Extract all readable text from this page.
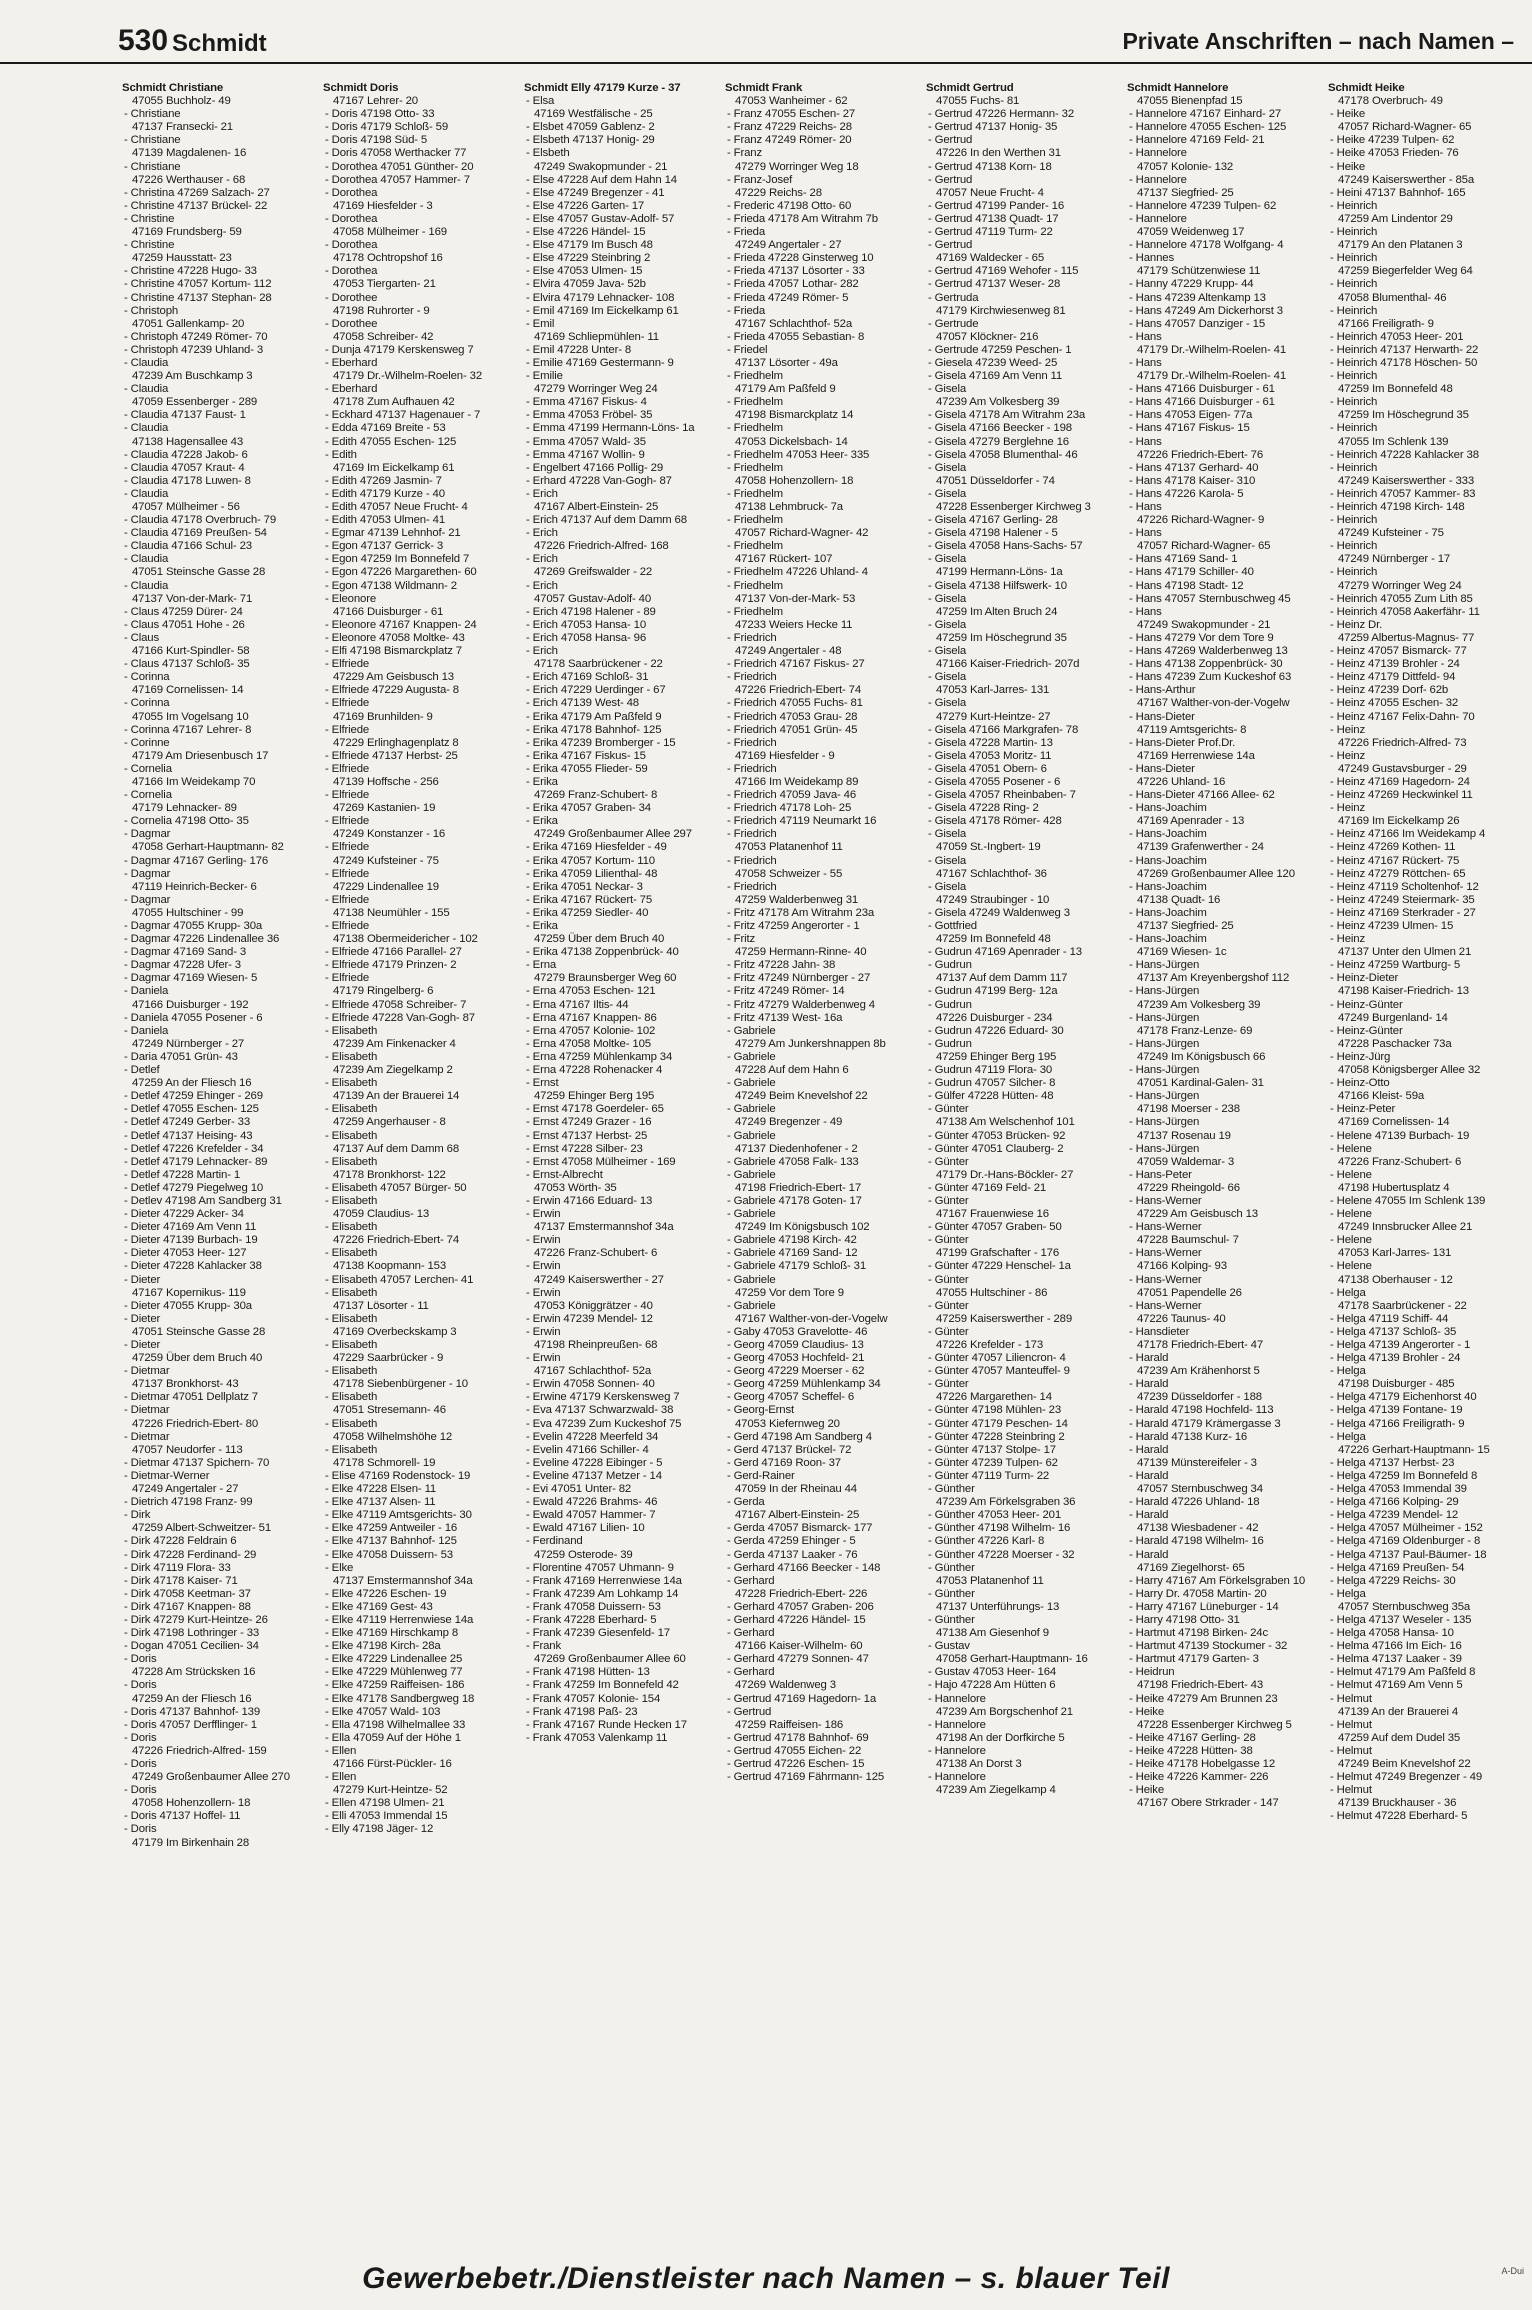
530 Schmidt	Private Anschriften – nach Namen –
Schmidt Christiane
47055 Buchholz- 49
- Christiane
47137 Fransecki- 21
- Christiane
47139 Magdalenen- 16
- Christiane
47226 Werthauser - 68
- Christina 47269 Salzach- 27
- Christine 47137 Brückel- 22
- Christine
47169 Frundsberg- 59
- Christine
47259 Hausstatt- 23
- Christine 47228 Hugo- 33
- Christine 47057 Kortum- 112
- Christine 47137 Stephan- 28
- Christoph
47051 Gallenkamp- 20
- Christoph 47249 Römer- 70
- Christoph 47239 Uhland- 3
- Claudia
47239 Am Buschkamp 3
- Claudia
47059 Essenberger - 289
- Claudia 47137 Faust- 1
- Claudia
47138 Hagensallee 43
- Claudia 47228 Jakob- 6
- Claudia 47057 Kraut- 4
- Claudia 47178 Luwen- 8
- Claudia
47057 Mülheimer - 56
- Claudia 47178 Overbruch- 79
- Claudia 47169 Preußen- 54
- Claudia 47166 Schul- 23
- Claudia
47051 Steinsche Gasse 28
- Claudia
47137 Von-der-Mark- 71
- Claus 47259 Dürer- 24
- Claus 47051 Hohe - 26
- Claus
47166 Kurt-Spindler- 58
- Claus 47137 Schloß- 35
- Corinna
47169 Cornelissen- 14
- Corinna
47055 Im Vogelsang 10
- Corinna 47167 Lehrer- 8
- Corinne
47179 Am Driesenbusch 17
- Cornelia
47166 Im Weidekamp 70
- Cornelia
47179 Lehnacker- 89
- Cornelia 47198 Otto- 35
- Dagmar
47058 Gerhart-Hauptmann- 82
- Dagmar 47167 Gerling- 176
- Dagmar
47119 Heinrich-Becker- 6
- Dagmar
47055 Hultschiner - 99
- Dagmar 47055 Krupp- 30a
- Dagmar 47226 Lindenallee 36
- Dagmar 47169 Sand- 3
- Dagmar 47228 Ufer- 3
- Dagmar 47169 Wiesen- 5
- Daniela
47166 Duisburger - 192
- Daniela 47055 Posener - 6
- Daniela
47249 Nürnberger - 27
- Daria 47051 Grün- 43
- Detlef
47259 An der Fliesch 16
- Detlef 47259 Ehinger - 269
- Detlef 47055 Eschen- 125
- Detlef 47249 Gerber- 33
- Detlef 47137 Heising- 43
- Detlef 47226 Krefelder - 34
- Detlef 47179 Lehnacker- 89
- Detlef 47228 Martin- 1
- Detlef 47279 Piegelweg 10
- Detlev 47198 Am Sandberg 31
- Dieter 47229 Acker- 34
- Dieter 47169 Am Venn 11
- Dieter 47139 Burbach- 19
- Dieter 47053 Heer- 127
- Dieter 47228 Kahlacker 38
- Dieter
47167 Kopernikus- 119
- Dieter 47055 Krupp- 30a
- Dieter
47051 Steinsche Gasse 28
- Dieter
47259 Über dem Bruch 40
- Dietmar
47137 Bronkhorst- 43
- Dietmar 47051 Dellplatz 7
- Dietmar
47226 Friedrich-Ebert- 80
- Dietmar
47057 Neudorfer - 113
- Dietmar 47137 Spichern- 70
- Dietmar-Werner
47249 Angertaler - 27
- Dietrich 47198 Franz- 99
- Dirk
47259 Albert-Schweitzer- 51
- Dirk 47228 Feldrain 6
- Dirk 47228 Ferdinand- 29
- Dirk 47119 Flora- 33
- Dirk 47178 Kaiser- 71
- Dirk 47058 Keetman- 37
- Dirk 47167 Knappen- 88
- Dirk 47279 Kurt-Heintze- 26
- Dirk 47198 Lothringer - 33
- Dogan 47051 Cecilien- 34
- Doris
47228 Am Strücksken 16
- Doris
47259 An der Fliesch 16
- Doris 47137 Bahnhof- 139
- Doris 47057 Derfflinger- 1
- Doris
47226 Friedrich-Alfred- 159
- Doris
47249 Großenbaumer Allee 270
- Doris
47058 Hohenzollern- 18
- Doris 47137 Hoffel- 11
- Doris
47179 Im Birkenhain 28
Schmidt Doris
47167 Lehrer- 20
- Doris 47198 Otto- 33
- Doris 47179 Schloß- 59
- Doris 47198 Süd- 5
- Doris 47058 Werthacker 77
- Dorothea 47051 Günther- 20
- Dorothea 47057 Hammer- 7
- Dorothea
47169 Hiesfelder - 3
- Dorothea
47058 Mülheimer - 169
- Dorothea
47178 Ochtropshof 16
- Dorothea
47053 Tiergarten- 21
- Dorothee
47198 Ruhrorter - 9
- Dorothee
47058 Schreiber- 42
- Dunja 47179 Kerskensweg 7
- Eberhard
47179 Dr.-Wilhelm-Roelen- 32
- Eberhard
47178 Zum Aufhauen 42
- Eckhard 47137 Hagenauer - 7
- Edda 47169 Breite - 53
- Edith 47055 Eschen- 125
- Edith
47169 Im Eickelkamp 61
- Edith 47269 Jasmin- 7
- Edith 47179 Kurze - 40
- Edith 47057 Neue Frucht- 4
- Edith 47053 Ulmen- 41
- Egmar 47139 Lehnhof- 21
- Egon 47137 Gerrick- 3
- Egon 47259 Im Bonnefeld 7
- Egon 47226 Margarethen- 60
- Egon 47138 Wildmann- 2
- Eleonore
47166 Duisburger - 61
- Eleonore 47167 Knappen- 24
- Eleonore 47058 Moltke- 43
- Elfi 47198 Bismarckplatz 7
- Elfriede
47229 Am Geisbusch 13
- Elfriede 47229 Augusta- 8
- Elfriede
47169 Brunhilden- 9
- Elfriede
47229 Erlinghagenplatz 8
- Elfriede 47137 Herbst- 25
- Elfriede
47139 Hoffsche - 256
- Elfriede
47269 Kastanien- 19
- Elfriede
47249 Konstanzer - 16
- Elfriede
47249 Kufsteiner - 75
- Elfriede
47229 Lindenallee 19
- Elfriede
47138 Neumühler - 155
- Elfriede
47138 Obermeidericher - 102
- Elfriede 47166 Parallel- 27
- Elfriede 47179 Prinzen- 2
- Elfriede
47179 Ringelberg- 6
- Elfriede 47058 Schreiber- 7
- Elfriede 47228 Van-Gogh- 87
- Elisabeth
47239 Am Finkenacker 4
- Elisabeth
47239 Am Ziegelkamp 2
- Elisabeth
47139 An der Brauerei 14
- Elisabeth
47259 Angerhauser - 8
- Elisabeth
47137 Auf dem Damm 68
- Elisabeth
47178 Bronkhorst- 122
- Elisabeth 47057 Bürger- 50
- Elisabeth
47059 Claudius- 13
- Elisabeth
47226 Friedrich-Ebert- 74
- Elisabeth
47138 Koopmann- 153
- Elisabeth 47057 Lerchen- 41
- Elisabeth
47137 Lösorter - 11
- Elisabeth
47169 Overbeckskamp 3
- Elisabeth
47229 Saarbrücker - 9
- Elisabeth
47178 Siebenbürgener - 10
- Elisabeth
47051 Stresemann- 46
- Elisabeth
47058 Wilhelmshöhe 12
- Elisabeth
47178 Schmorell- 19
- Elise 47169 Rodenstock- 19
- Elke 47228 Elsen- 11
- Elke 47137 Alsen- 11
- Elke 47119 Amtsgerichts- 30
- Elke 47259 Antweiler - 16
- Elke 47137 Bahnhof- 125
- Elke 47058 Duissern- 53
- Elke
47137 Emstermannshof 34a
- Elke 47226 Eschen- 19
- Elke 47169 Gest- 43
- Elke 47119 Herrenwiese 14a
- Elke 47169 Hirschkamp 8
- Elke 47198 Kirch- 28a
- Elke 47229 Lindenallee 25
- Elke 47229 Mühlenweg 77
- Elke 47259 Raiffeisen- 186
- Elke 47178 Sandbergweg 18
- Elke 47057 Wald- 103
- Ella 47198 Wilhelmallee 33
- Ella 47059 Auf der Höhe 1
- Ellen
47166 Fürst-Pückler- 16
- Ellen
47279 Kurt-Heintze- 52
- Ellen 47198 Ulmen- 21
- Elli 47053 Immendal 15
- Elly 47198 Jäger- 12
Schmidt Elly 47179 Kurze - 37
- Elsa
47169 Westfälische - 25
- Elsbet 47059 Gablenz- 2
- Elsbeth 47137 Honig- 29
- Elsbeth
47249 Swakopmunder - 21
- Else 47228 Auf dem Hahn 14
- Else 47249 Bregenzer - 41
- Else 47226 Garten- 17
- Else 47057 Gustav-Adolf- 57
- Else 47226 Händel- 15
- Else 47179 Im Busch 48
- Else 47229 Steinbring 2
- Else 47053 Ulmen- 15
- Elvira 47059 Java- 52b
- Elvira 47179 Lehnacker- 108
- Emil 47169 Im Eickelkamp 61
- Emil
47169 Schliepmühlen- 11
- Emil 47228 Unter- 8
- Emilie 47169 Gestermann- 9
- Emilie
47279 Worringer Weg 24
- Emma 47167 Fiskus- 4
- Emma 47053 Fröbel- 35
- Emma 47199 Hermann-Löns- 1a
- Emma 47057 Wald- 35
- Emma 47167 Wollin- 9
- Engelbert 47166 Pollig- 29
- Erhard 47228 Van-Gogh- 87
- Erich
47167 Albert-Einstein- 25
- Erich 47137 Auf dem Damm 68
- Erich
47226 Friedrich-Alfred- 168
- Erich
47269 Greifswalder - 22
- Erich
47057 Gustav-Adolf- 40
- Erich 47198 Halener - 89
- Erich 47053 Hansa- 10
- Erich 47058 Hansa- 96
- Erich
47178 Saarbrückener - 22
- Erich 47169 Schloß- 31
- Erich 47229 Uerdinger - 67
- Erich 47139 West- 48
- Erika 47179 Am Paßfeld 9
- Erika 47178 Bahnhof- 125
- Erika 47239 Bromberger - 15
- Erika 47167 Fiskus- 15
- Erika 47055 Flieder- 59
- Erika
47269 Franz-Schubert- 8
- Erika 47057 Graben- 34
- Erika
47249 Großenbaumer Allee 297
- Erika 47169 Hiesfelder - 49
- Erika 47057 Kortum- 110
- Erika 47059 Lilienthal- 48
- Erika 47051 Neckar- 3
- Erika 47167 Rückert- 75
- Erika 47259 Siedler- 40
- Erika
47259 Über dem Bruch 40
- Erika 47138 Zoppenbrück- 40
- Erna
47279 Braunsberger Weg 60
- Erna 47053 Eschen- 121
- Erna 47167 Iltis- 44
- Erna 47167 Knappen- 86
- Erna 47057 Kolonie- 102
- Erna 47058 Moltke- 105
- Erna 47259 Mühlenkamp 34
- Erna 47228 Rohenacker 4
- Ernst
47259 Ehinger Berg 195
- Ernst 47178 Goerdeler- 65
- Ernst 47249 Grazer - 16
- Ernst 47137 Herbst- 25
- Ernst 47228 Silber- 23
- Ernst 47058 Mülheimer - 169
- Ernst-Albrecht
47053 Wörth- 35
- Erwin 47166 Eduard- 13
- Erwin
47137 Emstermannshof 34a
- Erwin
47226 Franz-Schubert- 6
- Erwin
47249 Kaiserswerther - 27
- Erwin
47053 Königgrätzer - 40
- Erwin 47239 Mendel- 12
- Erwin
47198 Rheinpreußen- 68
- Erwin
47167 Schlachthof- 52a
- Erwin 47058 Sonnen- 40
- Erwine 47179 Kerskensweg 7
- Eva 47137 Schwarzwald- 38
- Eva 47239 Zum Kuckeshof 75
- Evelin 47228 Meerfeld 34
- Evelin 47166 Schiller- 4
- Eveline 47228 Eibinger - 5
- Eveline 47137 Metzer - 14
- Evi 47051 Unter- 82
- Ewald 47226 Brahms- 46
- Ewald 47057 Hammer- 7
- Ewald 47167 Lilien- 10
- Ferdinand
47259 Osterode- 39
- Florentine 47057 Uhmann- 9
- Frank 47169 Herrenwiese 14a
- Frank 47239 Am Lohkamp 14
- Frank 47058 Duissern- 53
- Frank 47228 Eberhard- 5
- Frank 47239 Giesenfeld- 17
- Frank
47269 Großenbaumer Allee 60
- Frank 47198 Hütten- 13
- Frank 47259 Im Bonnefeld 42
- Frank 47057 Kolonie- 154
- Frank 47198 Paß- 23
- Frank 47167 Runde Hecken 17
- Frank 47053 Valenkamp 11
Schmidt Frank
47053 Wanheimer - 62
- Franz 47055 Eschen- 27
- Franz 47229 Reichs- 28
- Franz 47249 Römer- 20
- Franz
47279 Worringer Weg 18
- Franz-Josef
47229 Reichs- 28
- Frederic 47198 Otto- 60
- Frieda 47178 Am Witrahm 7b
- Frieda
47249 Angertaler - 27
- Frieda 47228 Ginsterweg 10
- Frieda 47137 Lösorter - 33
- Frieda 47057 Lothar- 282
- Frieda 47249 Römer- 5
- Frieda
47167 Schlachthof- 52a
- Frieda 47055 Sebastian- 8
- Friedel
47137 Lösorter - 49a
- Friedhelm
47179 Am Paßfeld 9
- Friedhelm
47198 Bismarckplatz 14
- Friedhelm
47053 Dickelsbach- 14
- Friedhelm 47053 Heer- 335
- Friedhelm
47058 Hohenzollern- 18
- Friedhelm
47138 Lehmbruck- 7a
- Friedhelm
47057 Richard-Wagner- 42
- Friedhelm
47167 Rückert- 107
- Friedhelm 47226 Uhland- 4
- Friedhelm
47137 Von-der-Mark- 53
- Friedhelm
47233 Weiers Hecke 11
- Friedrich
47249 Angertaler - 48
- Friedrich 47167 Fiskus- 27
- Friedrich
47226 Friedrich-Ebert- 74
- Friedrich 47055 Fuchs- 81
- Friedrich 47053 Grau- 28
- Friedrich 47051 Grün- 45
- Friedrich
47169 Hiesfelder - 9
- Friedrich
47166 Im Weidekamp 89
- Friedrich 47059 Java- 46
- Friedrich 47178 Loh- 25
- Friedrich 47119 Neumarkt 16
- Friedrich
47053 Platanenhof 11
- Friedrich
47058 Schweizer - 55
- Friedrich
47259 Walderbenweg 31
- Fritz 47178 Am Witrahm 23a
- Fritz 47259 Angerorter - 1
- Fritz
47259 Hermann-Rinne- 40
- Fritz 47228 Jahn- 38
- Fritz 47249 Nürnberger - 27
- Fritz 47249 Römer- 14
- Fritz 47279 Walderbenweg 4
- Fritz 47139 West- 16a
- Gabriele
47279 Am Junkershnappen 8b
- Gabriele
47228 Auf dem Hahn 6
- Gabriele
47249 Beim Knevelshof 22
- Gabriele
47249 Bregenzer - 49
- Gabriele
47137 Diedenhofener - 2
- Gabriele 47058 Falk- 133
- Gabriele
47198 Friedrich-Ebert- 17
- Gabriele 47178 Goten- 17
- Gabriele
47249 Im Königsbusch 102
- Gabriele 47198 Kirch- 42
- Gabriele 47169 Sand- 12
- Gabriele 47179 Schloß- 31
- Gabriele
47259 Vor dem Tore 9
- Gabriele
47167 Walther-von-der-Vogelw
- Gaby 47053 Gravelotte- 46
- Georg 47059 Claudius- 13
- Georg 47053 Hochfeld- 21
- Georg 47229 Moerser - 62
- Georg 47259 Mühlenkamp 34
- Georg 47057 Scheffel- 6
- Georg-Ernst
47053 Kiefernweg 20
- Gerd 47198 Am Sandberg 4
- Gerd 47137 Brückel- 72
- Gerd 47169 Roon- 37
- Gerd-Rainer
47059 In der Rheinau 44
- Gerda
47167 Albert-Einstein- 25
- Gerda 47057 Bismarck- 177
- Gerda 47259 Ehinger - 5
- Gerda 47137 Laaker - 76
- Gerhard 47166 Beecker - 148
- Gerhard
47228 Friedrich-Ebert- 226
- Gerhard 47057 Graben- 206
- Gerhard 47226 Händel- 15
- Gerhard
47166 Kaiser-Wilhelm- 60
- Gerhard 47279 Sonnen- 47
- Gerhard
47269 Waldenweg 3
- Gertrud 47169 Hagedorn- 1a
- Gertrud
47259 Raiffeisen- 186
- Gertrud 47178 Bahnhof- 69
- Gertrud 47055 Eichen- 22
- Gertrud 47226 Eschen- 15
- Gertrud 47169 Fährmann- 125
Schmidt Gertrud
47055 Fuchs- 81
- Gertrud 47226 Hermann- 32
- Gertrud 47137 Honig- 35
- Gertrud
47226 In den Werthen 31
- Gertrud 47138 Korn- 18
- Gertrud
47057 Neue Frucht- 4
- Gertrud 47199 Pander- 16
- Gertrud 47138 Quadt- 17
- Gertrud 47119 Turm- 22
- Gertrud
47169 Waldecker - 65
- Gertrud 47169 Wehofer - 115
- Gertrud 47137 Weser- 28
- Gertruda
47179 Kirchwiesenweg 81
- Gertrude
47057 Klöckner- 216
- Gertrude 47259 Peschen- 1
- Giesela 47239 Weed- 25
- Gisela 47169 Am Venn 11
- Gisela
47239 Am Volkesberg 39
- Gisela 47178 Am Witrahm 23a
- Gisela 47166 Beecker - 198
- Gisela 47279 Berglehne 16
- Gisela 47058 Blumenthal- 46
- Gisela
47051 Düsseldorfer - 74
- Gisela
47228 Essenberger Kirchweg 3
- Gisela 47167 Gerling- 28
- Gisela 47198 Halener - 5
- Gisela 47058 Hans-Sachs- 57
- Gisela
47199 Hermann-Löns- 1a
- Gisela 47138 Hilfswerk- 10
- Gisela
47259 Im Alten Bruch 24
- Gisela
47259 Im Höschegrund 35
- Gisela
47166 Kaiser-Friedrich- 207d
- Gisela
47053 Karl-Jarres- 131
- Gisela
47279 Kurt-Heintze- 27
- Gisela 47166 Markgrafen- 78
- Gisela 47228 Martin- 13
- Gisela 47053 Moritz- 11
- Gisela 47051 Obern- 6
- Gisela 47055 Posener - 6
- Gisela 47057 Rheinbaben- 7
- Gisela 47228 Ring- 2
- Gisela 47178 Römer- 428
- Gisela
47059 St.-Ingbert- 19
- Gisela
47167 Schlachthof- 36
- Gisela
47249 Straubinger - 10
- Gisela 47249 Waldenweg 3
- Gottfried
47259 Im Bonnefeld 48
- Gudrun 47169 Apenrader - 13
- Gudrun
47137 Auf dem Damm 117
- Gudrun 47199 Berg- 12a
- Gudrun
47226 Duisburger - 234
- Gudrun 47226 Eduard- 30
- Gudrun
47259 Ehinger Berg 195
- Gudrun 47119 Flora- 30
- Gudrun 47057 Silcher- 8
- Gülfer 47228 Hütten- 48
- Günter
47138 Am Welschenhof 101
- Günter 47053 Brücken- 92
- Günter 47051 Clauberg- 2
- Günter
47179 Dr.-Hans-Böckler- 27
- Günter 47169 Feld- 21
- Günter
47167 Frauenwiese 16
- Günter 47057 Graben- 50
- Günter
47199 Grafschafter - 176
- Günter 47229 Henschel- 1a
- Günter
47055 Hultschiner - 86
- Günter
47259 Kaiserswerther - 289
- Günter
47226 Krefelder - 173
- Günter 47057 Liliencron- 4
- Günter 47057 Manteuffel- 9
- Günter
47226 Margarethen- 14
- Günter 47198 Mühlen- 23
- Günter 47179 Peschen- 14
- Günter 47228 Steinbring 2
- Günter 47137 Stolpe- 17
- Günter 47239 Tulpen- 62
- Günter 47119 Turm- 22
- Günther
47239 Am Förkelsgraben 36
- Günther 47053 Heer- 201
- Günther 47198 Wilhelm- 16
- Günther 47226 Karl- 8
- Günther 47228 Moerser - 32
- Günther
47053 Platanenhof 11
- Günther
47137 Unterführungs- 13
- Günther
47138 Am Giesenhof 9
- Gustav
47058 Gerhart-Hauptmann- 16
- Gustav 47053 Heer- 164
- Hajo 47228 Am Hütten 6
- Hannelore
47239 Am Borgschenhof 21
- Hannelore
47198 An der Dorfkirche 5
- Hannelore
47138 An Dorst 3
- Hannelore
47239 Am Ziegelkamp 4
Schmidt Hannelore
47055 Bienenpfad 15
- Hannelore 47167 Einhard- 27
- Hannelore 47055 Eschen- 125
- Hannelore 47169 Feld- 21
- Hannelore
47057 Kolonie- 132
- Hannelore
47137 Siegfried- 25
- Hannelore 47239 Tulpen- 62
- Hannelore
47059 Weidenweg 17
- Hannelore 47178 Wolfgang- 4
- Hannes
47179 Schützenwiese 11
- Hanny 47229 Krupp- 44
- Hans 47239 Altenkamp 13
- Hans 47249 Am Dickerhorst 3
- Hans 47057 Danziger - 15
- Hans
47179 Dr.-Wilhelm-Roelen- 41
- Hans
47179 Dr.-Wilhelm-Roelen- 41
- Hans 47166 Duisburger - 61
- Hans 47166 Duisburger - 61
- Hans 47053 Eigen- 77a
- Hans 47167 Fiskus- 15
- Hans
47226 Friedrich-Ebert- 76
- Hans 47137 Gerhard- 40
- Hans 47178 Kaiser- 310
- Hans 47226 Karola- 5
- Hans
47226 Richard-Wagner- 9
- Hans
47057 Richard-Wagner- 65
- Hans 47169 Sand- 1
- Hans 47179 Schiller- 40
- Hans 47198 Stadt- 12
- Hans 47057 Sternbuschweg 45
- Hans
47249 Swakopmunder - 21
- Hans 47279 Vor dem Tore 9
- Hans 47269 Walderbenweg 13
- Hans 47138 Zoppenbrück- 30
- Hans 47239 Zum Kuckeshof 63
- Hans-Arthur
47167 Walther-von-der-Vogelw
- Hans-Dieter
47119 Amtsgerichts- 8
- Hans-Dieter Prof.Dr.
47169 Herrenwiese 14a
- Hans-Dieter
47226 Uhland- 16
- Hans-Dieter 47166 Allee- 62
- Hans-Joachim
47169 Apenrader - 13
- Hans-Joachim
47139 Grafenwerther - 24
- Hans-Joachim
47269 Großenbaumer Allee 120
- Hans-Joachim
47138 Quadt- 16
- Hans-Joachim
47137 Siegfried- 25
- Hans-Joachim
47169 Wiesen- 1c
- Hans-Jürgen
47137 Am Kreyenbergshof 112
- Hans-Jürgen
47239 Am Volkesberg 39
- Hans-Jürgen
47178 Franz-Lenze- 69
- Hans-Jürgen
47249 Im Königsbusch 66
- Hans-Jürgen
47051 Kardinal-Galen- 31
- Hans-Jürgen
47198 Moerser - 238
- Hans-Jürgen
47137 Rosenau 19
- Hans-Jürgen
47059 Waldemar- 3
- Hans-Peter
47229 Rheingold- 66
- Hans-Werner
47229 Am Geisbusch 13
- Hans-Werner
47228 Baumschul- 7
- Hans-Werner
47166 Kolping- 93
- Hans-Werner
47051 Papendelle 26
- Hans-Werner
47226 Taunus- 40
- Hansdieter
47178 Friedrich-Ebert- 47
- Harald
47239 Am Krähenhorst 5
- Harald
47239 Düsseldorfer - 188
- Harald 47198 Hochfeld- 113
- Harald 47179 Krämergasse 3
- Harald 47138 Kurz- 16
- Harald
47139 Münstereifeler - 3
- Harald
47057 Sternbuschweg 34
- Harald 47226 Uhland- 18
- Harald
47138 Wiesbadener - 42
- Harald 47198 Wilhelm- 16
- Harald
47169 Ziegelhorst- 65
- Harry 47167 Am Förkelsgraben 10
- Harry Dr. 47058 Martin- 20
- Harry 47167 Lüneburger - 14
- Harry 47198 Otto- 31
- Hartmut 47198 Birken- 24c
- Hartmut 47139 Stockumer - 32
- Hartmut 47179 Garten- 3
- Heidrun
47198 Friedrich-Ebert- 43
- Heike 47279 Am Brunnen 23
- Heike
47228 Essenberger Kirchweg 5
- Heike 47167 Gerling- 28
- Heike 47228 Hütten- 38
- Heike 47178 Hobelgasse 12
- Heike 47226 Kammer- 226
- Heike
47167 Obere Strkrader - 147
Schmidt Heike
47178 Overbruch- 49
- Heike
47057 Richard-Wagner- 65
- Heike 47239 Tulpen- 62
- Heike 47053 Frieden- 76
- Heike
47249 Kaiserswerther - 85a
- Heini 47137 Bahnhof- 165
- Heinrich
47259 Am Lindentor 29
- Heinrich
47179 An den Platanen 3
- Heinrich
47259 Biegerfelder Weg 64
- Heinrich
47058 Blumenthal- 46
- Heinrich
47166 Freiligrath- 9
- Heinrich 47053 Heer- 201
- Heinrich 47137 Herwarth- 22
- Heinrich 47178 Höschen- 50
- Heinrich
47259 Im Bonnefeld 48
- Heinrich
47259 Im Höschegrund 35
- Heinrich
47055 Im Schlenk 139
- Heinrich 47228 Kahlacker 38
- Heinrich
47249 Kaiserswerther - 333
- Heinrich 47057 Kammer- 83
- Heinrich 47198 Kirch- 148
- Heinrich
47249 Kufsteiner - 75
- Heinrich
47249 Nürnberger - 17
- Heinrich
47279 Worringer Weg 24
- Heinrich 47055 Zum Lith 85
- Heinrich 47058 Aakerfähr- 11
- Heinz Dr.
47259 Albertus-Magnus- 77
- Heinz 47057 Bismarck- 77
- Heinz 47139 Brohler - 24
- Heinz 47179 Dittfeld- 94
- Heinz 47239 Dorf- 62b
- Heinz 47055 Eschen- 32
- Heinz 47167 Felix-Dahn- 70
- Heinz
47226 Friedrich-Alfred- 73
- Heinz
47249 Gustavsburger - 29
- Heinz 47169 Hagedorn- 24
- Heinz 47269 Heckwinkel 11
- Heinz
47169 Im Eickelkamp 26
- Heinz 47166 Im Weidekamp 4
- Heinz 47269 Kothen- 11
- Heinz 47167 Rückert- 75
- Heinz 47279 Röttchen- 65
- Heinz 47119 Scholtenhof- 12
- Heinz 47249 Steiermark- 35
- Heinz 47169 Sterkrader - 27
- Heinz 47239 Ulmen- 15
- Heinz
47137 Unter den Ulmen 21
- Heinz 47259 Wartburg- 5
- Heinz-Dieter
47198 Kaiser-Friedrich- 13
- Heinz-Günter
47249 Burgenland- 14
- Heinz-Günter
47228 Paschacker 73a
- Heinz-Jürg
47058 Königsberger Allee 32
- Heinz-Otto
47166 Kleist- 59a
- Heinz-Peter
47169 Cornelissen- 14
- Helene 47139 Burbach- 19
- Helene
47226 Franz-Schubert- 6
- Helene
47198 Hubertusplatz 4
- Helene 47055 Im Schlenk 139
- Helene
47249 Innsbrucker Allee 21
- Helene
47053 Karl-Jarres- 131
- Helene
47138 Oberhauser - 12
- Helga
47178 Saarbrückener - 22
- Helga 47119 Schiff- 44
- Helga 47137 Schloß- 35
- Helga 47139 Angerorter - 1
- Helga 47139 Brohler - 24
- Helga
47198 Duisburger - 485
- Helga 47179 Eichenhorst 40
- Helga 47139 Fontane- 19
- Helga 47166 Freiligrath- 9
- Helga
47226 Gerhart-Hauptmann- 15
- Helga 47137 Herbst- 23
- Helga 47259 Im Bonnefeld 8
- Helga 47053 Immendal 39
- Helga 47166 Kolping- 29
- Helga 47239 Mendel- 12
- Helga 47057 Mülheimer - 152
- Helga 47169 Oldenburger - 8
- Helga 47137 Paul-Bäumer- 18
- Helga 47169 Preußen- 54
- Helga 47229 Reichs- 30
- Helga
47057 Sternbuschweg 35a
- Helga 47137 Weseler - 135
- Helga 47058 Hansa- 10
- Helma 47166 Im Eich- 16
- Helma 47137 Laaker - 39
- Helmut 47179 Am Paßfeld 8
- Helmut 47169 Am Venn 5
- Helmut
47139 An der Brauerei 4
- Helmut
47259 Auf dem Dudel 35
- Helmut
47249 Beim Knevelshof 22
- Helmut 47249 Bregenzer - 49
- Helmut
47139 Bruckhauser - 36
- Helmut 47228 Eberhard- 5
Gewerbebetr./Dienstleister nach Namen – s. blauer Teil	A-Dui
